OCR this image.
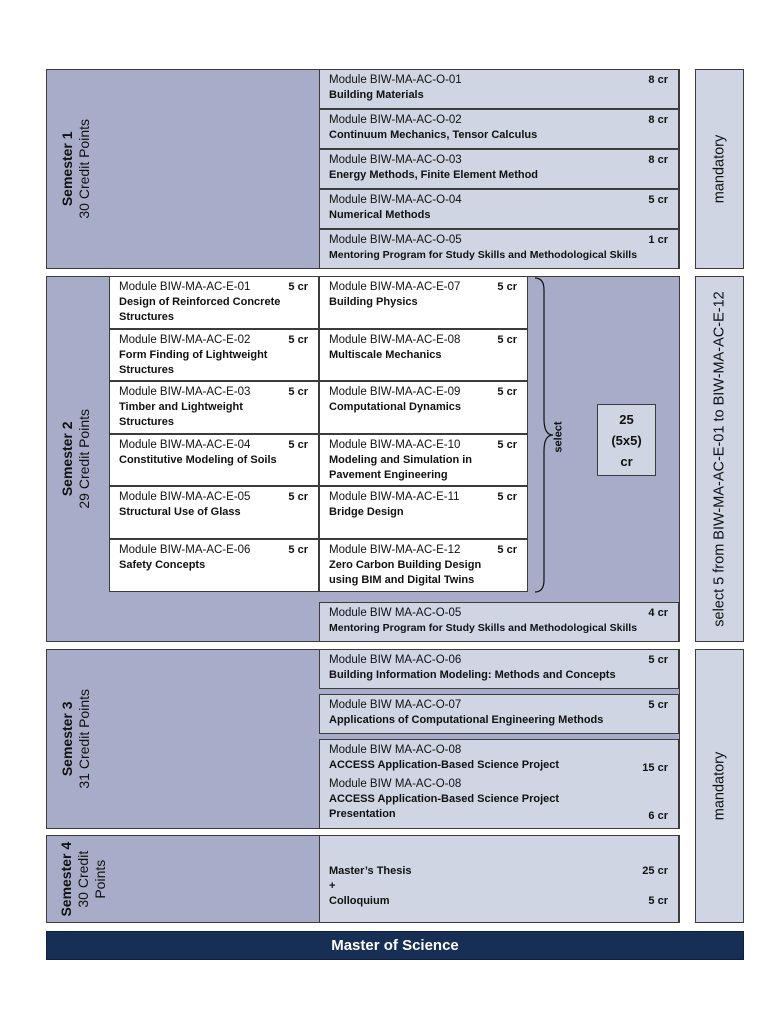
Semester 1 30 Credit Points
Module BIW-MA-AC-O-01
Building Materials
8 cr
Module BIW-MA-AC-O-02
Continuum Mechanics, Tensor Calculus
8 cr
Module BIW-MA-AC-O-03
Energy Methods, Finite Element Method
8 cr
Module BIW-MA-AC-O-04
Numerical Methods
5 cr
Module BIW-MA-AC-O-05
Mentoring Program for Study Skills and Methodological Skills
1 cr
mandatory
Semester 2 29 Credit Points
Module BIW-MA-AC-E-01
Design of Reinforced Concrete
Structures
5 cr
Module BIW-MA-AC-E-02
Form Finding of Lightweight
Structures
5 cr
Module BIW-MA-AC-E-03
Timber and Lightweight
Structures
5 cr
Module BIW-MA-AC-E-04
Constitutive Modeling of Soils
5 cr
Module BIW-MA-AC-E-05
Structural Use of Glass
5 cr
Module BIW-MA-AC-E-06
Safety Concepts
5 cr
Module BIW-MA-AC-E-07
Building Physics
5 cr
Module BIW-MA-AC-E-08
Multiscale Mechanics
5 cr
Module BIW-MA-AC-E-09
Computational Dynamics
5 cr
Module BIW-MA-AC-E-10
Modeling and Simulation in
Pavement Engineering
5 cr
Module BIW-MA-AC-E-11
Bridge Design
5 cr
Module BIW-MA-AC-E-12
Zero Carbon Building Design
using BIM and Digital Twins
5 cr
select
25
(5x5)
cr
Module BIW MA-AC-O-05
Mentoring Program for Study Skills and Methodological Skills
4 cr	select 5 from BIW-MA-AC-E-01 to BIW-MA-AC-E-12
Semester 3 31 Credit Points
Module BIW MA-AC-O-06
Building Information Modeling: Methods and Concepts
5 cr
Module BIW MA-AC-O-07
Applications of Computational Engineering Methods
5 cr
Module BIW MA-AC-O-08
ACCESS Application-Based Science Project	15 cr
Module BIW MA-AC-O-08
ACCESS Application-Based Science Project
Presentation	6 cr
Semester 4 30 Credit Points	Master’s Thesis	25 cr
+
Colloquium	5 cr
mandatory
Master of Science
